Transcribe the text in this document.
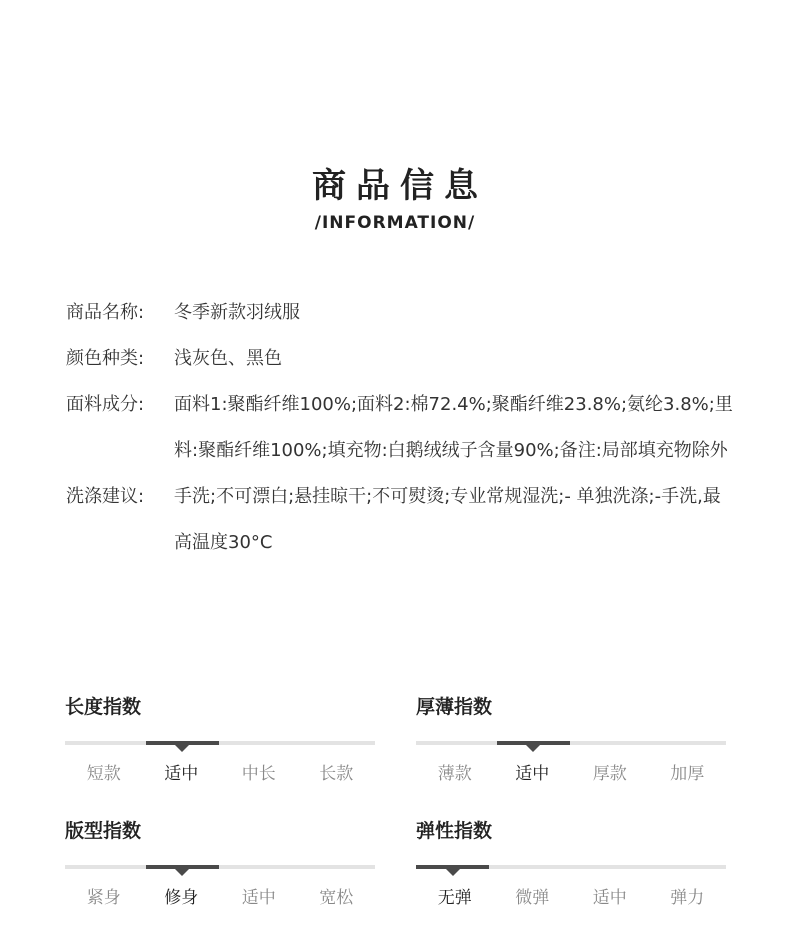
商品信息
/INFORMATION/
商品名称:	冬季新款羽绒服
颜色种类:	浅灰色、黑色
面料成分:	面料1:聚酯纤维100%;面料2:棉72.4%;聚酯纤维23.8%;氨纶3.8%;里料:聚酯纤维100%;填充物:白鹅绒绒子含量90%;备注:局部填充物除外
洗涤建议:	手洗;不可漂白;悬挂晾干;不可熨烫;专业常规湿洗;- 单独洗涤;-手洗,最高温度30°C
长度指数
短款	适中	中长	长款
厚薄指数
薄款	适中	厚款	加厚
版型指数
紧身	修身	适中	宽松
弹性指数
无弹	微弹	适中	弹力
